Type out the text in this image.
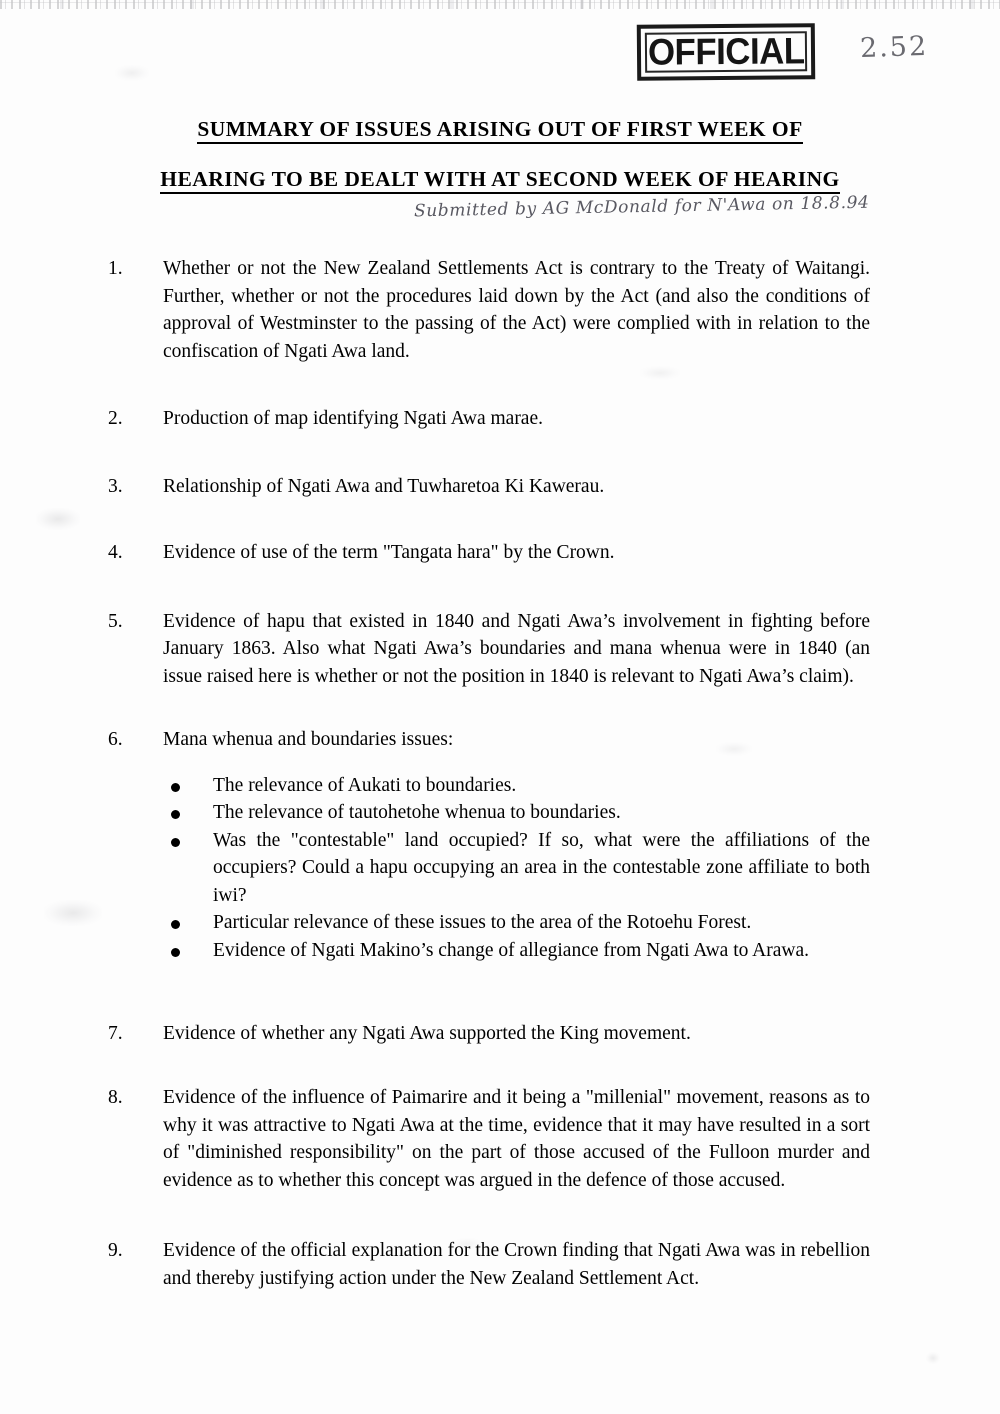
OFFICIAL 2.52
SUMMARY OF ISSUES ARISING OUT OF FIRST WEEK OF
HEARING TO BE DEALT WITH AT SECOND WEEK OF HEARING
Submitted by AG McDonald for N'Awa on 18.8.94
1.	Whether or not the New Zealand Settlements Act is contrary to the Treaty of Waitangi. Further, whether or not the procedures laid down by the Act (and also the conditions of approval of Westminster to the passing of the Act) were complied with in relation to the confiscation of Ngati Awa land.
2.	Production of map identifying Ngati Awa marae.
3.	Relationship of Ngati Awa and Tuwharetoa Ki Kawerau.
4.	Evidence of use of the term "Tangata hara" by the Crown.
5.	Evidence of hapu that existed in 1840 and Ngati Awa’s involvement in fighting before January 1863. Also what Ngati Awa’s boundaries and mana whenua were in 1840 (an issue raised here is whether or not the position in 1840 is relevant to Ngati Awa’s claim).
6.	Mana whenua and boundaries issues:
The relevance of Aukati to boundaries.
The relevance of tautohetohe whenua to boundaries.
Was the "contestable" land occupied? If so, what were the affiliations of the occupiers? Could a hapu occupying an area in the contestable zone affiliate to both iwi?
Particular relevance of these issues to the area of the Rotoehu Forest.
Evidence of Ngati Makino’s change of allegiance from Ngati Awa to Arawa.
7.	Evidence of whether any Ngati Awa supported the King movement.
8.	Evidence of the influence of Paimarire and it being a "millenial" movement, reasons as to why it was attractive to Ngati Awa at the time, evidence that it may have resulted in a sort of "diminished responsibility" on the part of those accused of the Fulloon murder and evidence as to whether this concept was argued in the defence of those accused.
9.	Evidence of the official explanation for the Crown finding that Ngati Awa was in rebellion and thereby justifying action under the New Zealand Settlement Act.
